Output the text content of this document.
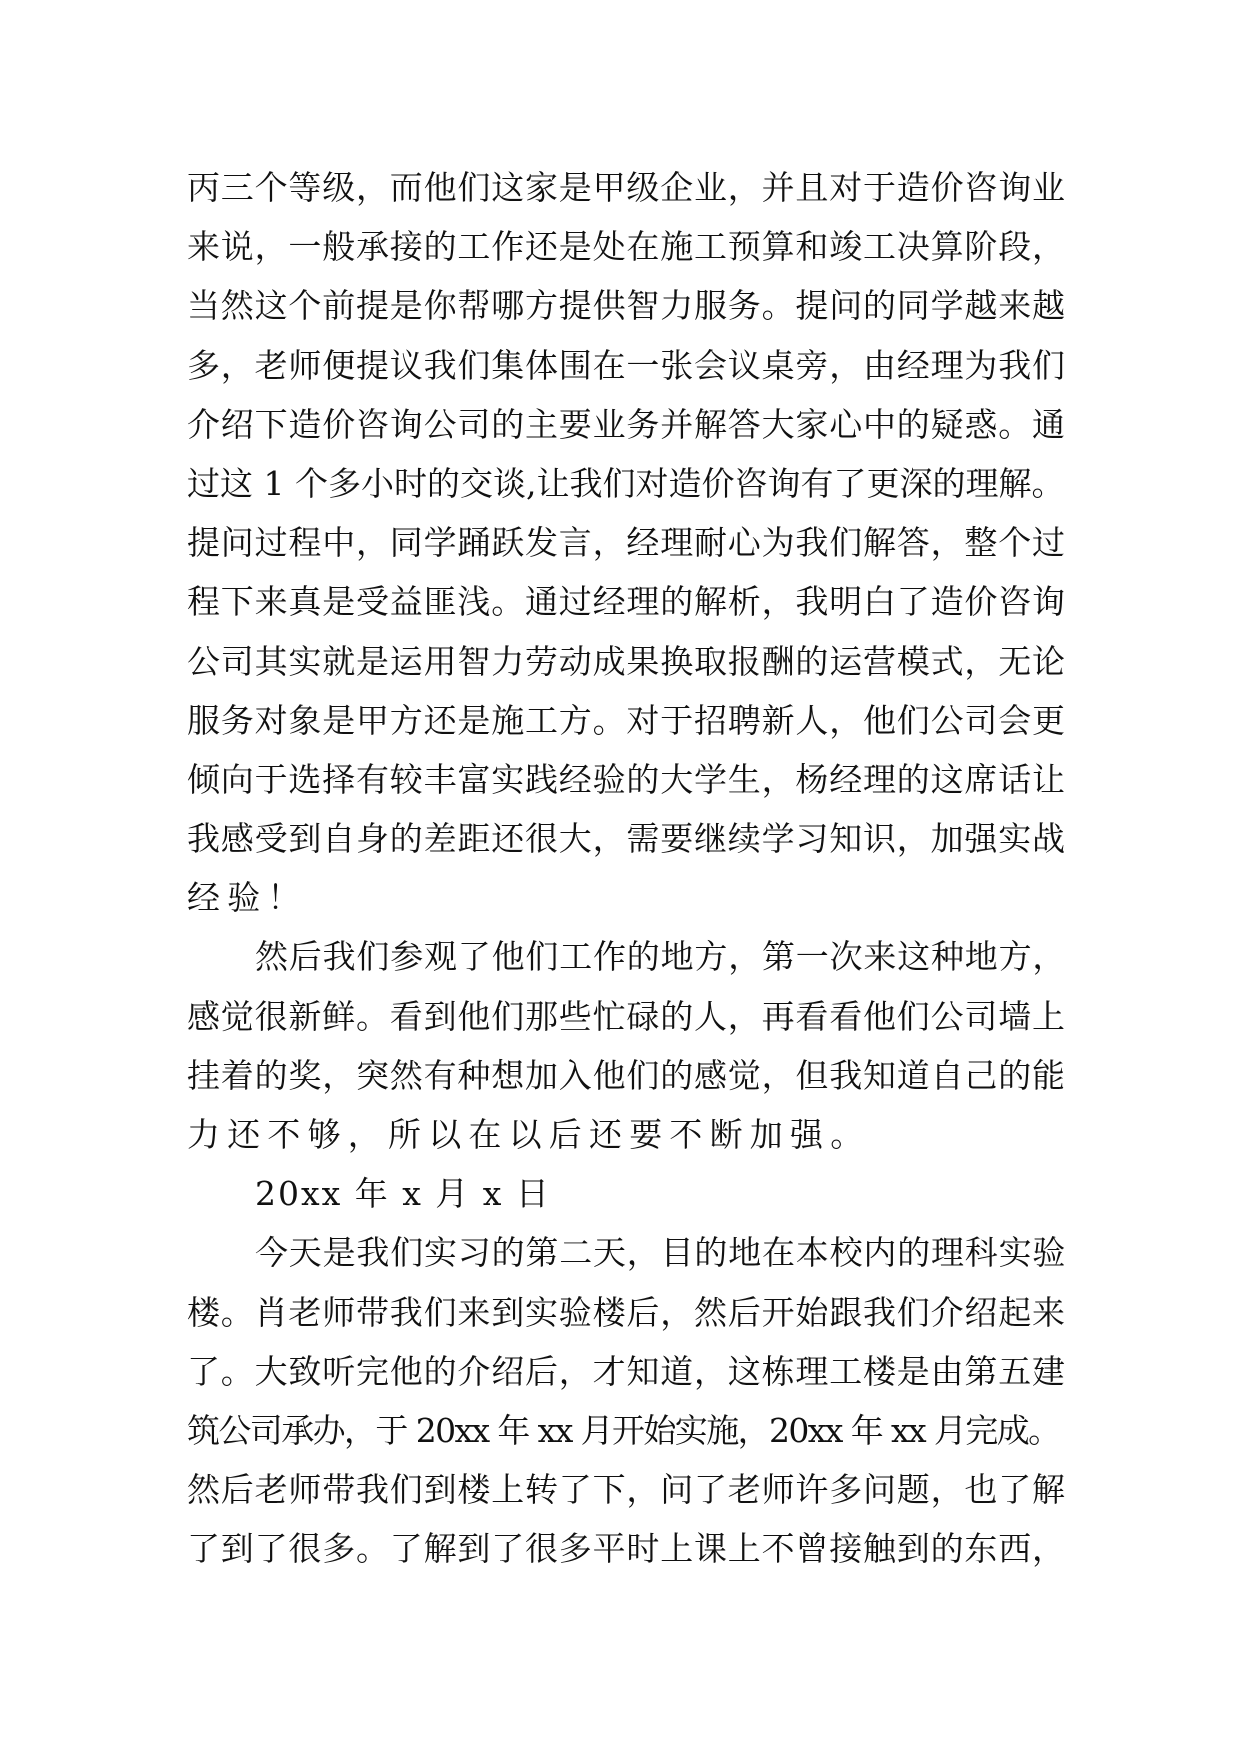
丙三个等级，而他们这家是甲级企业，并且对于造价咨询业
来说，一般承接的工作还是处在施工预算和竣工决算阶段，
当然这个前提是你帮哪方提供智力服务。提问的同学越来越
多，老师便提议我们集体围在一张会议桌旁，由经理为我们
介绍下造价咨询公司的主要业务并解答大家心中的疑惑。通
过这 1 个多小时的交谈,让我们对造价咨询有了更深的理解。
提问过程中，同学踊跃发言，经理耐心为我们解答，整个过
程下来真是受益匪浅。通过经理的解析，我明白了造价咨询
公司其实就是运用智力劳动成果换取报酬的运营模式，无论
服务对象是甲方还是施工方。对于招聘新人，他们公司会更
倾向于选择有较丰富实践经验的大学生，杨经理的这席话让
我感受到自身的差距还很大，需要继续学习知识，加强实战
经验！
然后我们参观了他们工作的地方，第一次来这种地方，
感觉很新鲜。看到他们那些忙碌的人，再看看他们公司墙上
挂着的奖，突然有种想加入他们的感觉，但我知道自己的能
力还不够，所以在以后还要不断加强。
20xx 年 x 月 x 日
今天是我们实习的第二天，目的地在本校内的理科实验
楼。肖老师带我们来到实验楼后，然后开始跟我们介绍起来
了。大致听完他的介绍后，才知道，这栋理工楼是由第五建
筑公司承办，于 20xx 年 xx 月开始实施，20xx 年 xx 月完成。
然后老师带我们到楼上转了下，问了老师许多问题，也了解
了到了很多。了解到了很多平时上课上不曾接触到的东西，
